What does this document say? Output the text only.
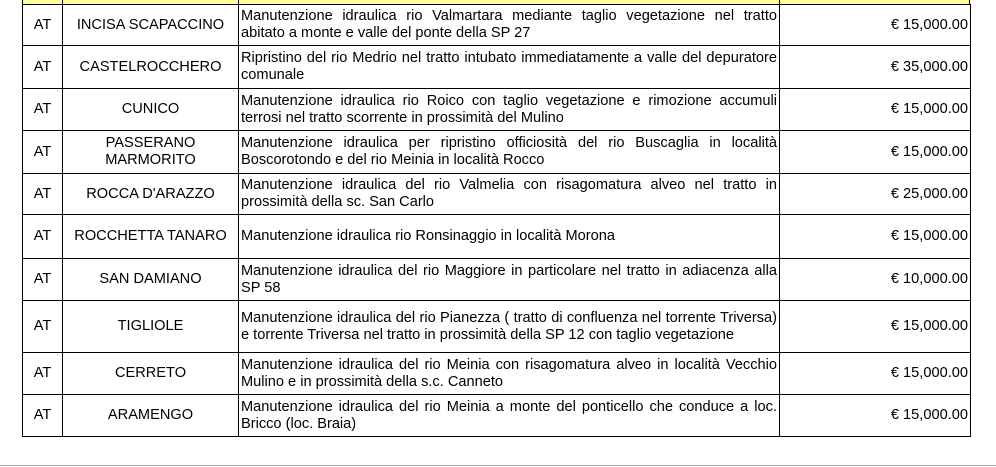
AT	INCISA SCAPACCINO	Manutenzione idraulica rio Valmartara mediante taglio vegetazione nel tratto abitato a monte e valle del ponte della SP 27	€ 15,000.00
AT	CASTELROCCHERO	Ripristino del rio Medrio nel tratto intubato immediatamente a valle del depuratore comunale	€ 35,000.00
AT	CUNICO	Manutenzione idraulica rio Roico con taglio vegetazione e rimozione accumuli terrosi nel tratto scorrente in prossimità del Mulino	€ 15,000.00
AT	PASSERANO MARMORITO	Manutenzione idraulica per ripristino officiosità del rio Buscaglia in località Boscorotondo e del rio Meinia in località Rocco	€ 15,000.00
AT	ROCCA D'ARAZZO	Manutenzione idraulica del rio Valmelia con risagomatura alveo nel tratto in prossimità della sc. San Carlo	€ 25,000.00
AT	ROCCHETTA TANARO	Manutenzione idraulica rio Ronsinaggio in località Morona	€ 15,000.00
AT	SAN DAMIANO	Manutenzione idraulica del rio Maggiore in particolare nel tratto in adiacenza alla SP 58	€ 10,000.00
AT	TIGLIOLE	Manutenzione idraulica del rio Pianezza ( tratto di confluenza nel torrente Triversa) e torrente Triversa nel tratto in prossimità della SP 12 con taglio vegetazione	€ 15,000.00
AT	CERRETO	Manutenzione idraulica del rio Meinia con risagomatura alveo in località Vecchio Mulino e in prossimità della s.c. Canneto	€ 15,000.00
AT	ARAMENGO	Manutenzione idraulica del rio Meinia a monte del ponticello che conduce a loc. Bricco (loc. Braia)	€ 15,000.00
